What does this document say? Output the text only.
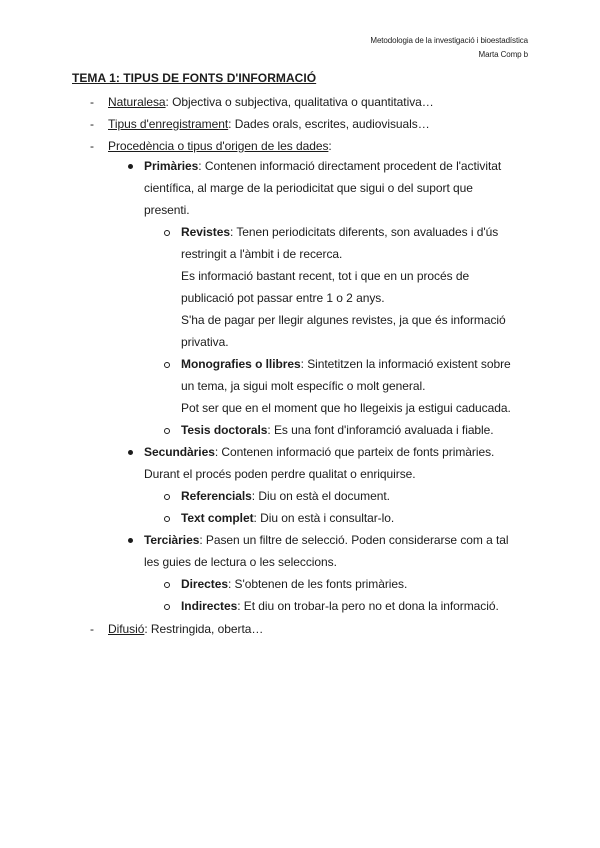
Metodologia de la investigació i bioestadística
Marta Comp b
TEMA 1: TIPUS DE FONTS D'INFORMACIÓ
- Naturalesa: Objectiva o subjectiva, qualitativa o quantitativa…
- Tipus d'enregistrament: Dades orals, escrites, audiovisuals…
- Procedència o tipus d'origen de les dades:
Primàries: Contenen informació directament procedent de l'activitat
científica, al marge de la periodicitat que sigui o del suport que
presenti.
Revistes: Tenen periodicitats diferents, son avaluades i d'ús
restringit a l'àmbit i de recerca.
Es informació bastant recent, tot i que en un procés de
publicació pot passar entre 1 o 2 anys.
S'ha de pagar per llegir algunes revistes, ja que és informació
privativa.
Monografies o llibres: Sintetitzen la informació existent sobre
un tema, ja sigui molt específic o molt general.
Pot ser que en el moment que ho llegeixis ja estigui caducada.
Tesis doctorals: Es una font d'inforamció avaluada i fiable.
Secundàries: Contenen informació que parteix de fonts primàries.
Durant el procés poden perdre qualitat o enriquirse.
Referencials: Diu on està el document.
Text complet: Diu on està i consultar-lo.
Terciàries: Pasen un filtre de selecció. Poden considerarse com a tal
les guies de lectura o les seleccions.
Directes: S'obtenen de les fonts primàries.
Indirectes: Et diu on trobar-la pero no et dona la informació.
- Difusió: Restringida, oberta…
